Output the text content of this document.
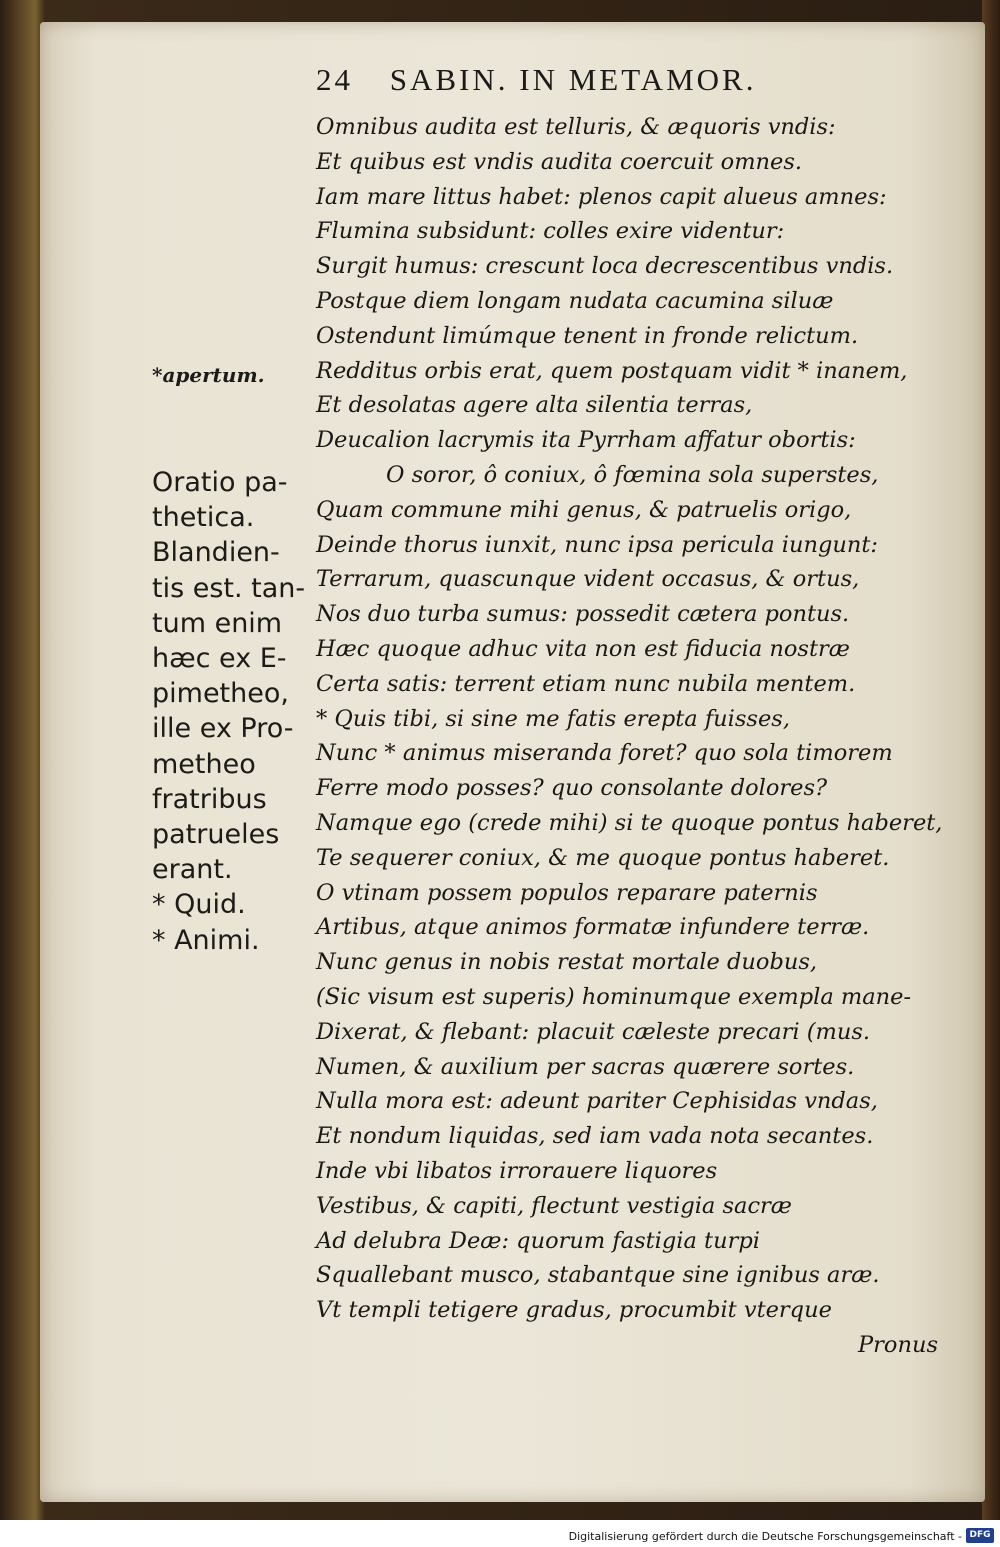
24 SABIN. IN METAMOR.
Omnibus audita est telluris, & æquoris vndis:
Et quibus est vndis audita coercuit omnes.
Iam mare littus habet: plenos capit alueus amnes:
Flumina subsidunt: colles exire videntur:
Surgit humus: crescunt loca decrescentibus vndis.
Postque diem longam nudata cacumina siluæ
Ostendunt limúmque tenent in fronde relictum.
Redditus orbis erat, quem postquam vidit * inanem,
Et desolatas agere alta silentia terras,
Deucalion lacrymis ita Pyrrham affatur obortis:
O soror, ô coniux, ô fœmina sola superstes,
Quam commune mihi genus, & patruelis origo,
Deinde thorus iunxit, nunc ipsa pericula iungunt:
Terrarum, quascunque vident occasus, & ortus,
Nos duo turba sumus: possedit cætera pontus.
Hæc quoque adhuc vita non est fiducia nostræ
Certa satis: terrent etiam nunc nubila mentem.
* Quis tibi, si sine me fatis erepta fuisses,
Nunc * animus miseranda foret? quo sola timorem
Ferre modo posses? quo consolante dolores?
Namque ego (crede mihi) si te quoque pontus haberet,
Te sequerer coniux, & me quoque pontus haberet.
O vtinam possem populos reparare paternis
Artibus, atque animos formatæ infundere terræ.
Nunc genus in nobis restat mortale duobus,
(Sic visum est superis) hominumque exempla mane-
Dixerat, & flebant: placuit cæleste precari (mus.
Numen, & auxilium per sacras quærere sortes.
Nulla mora est: adeunt pariter Cephisidas vndas,
Et nondum liquidas, sed iam vada nota secantes.
Inde vbi libatos irrorauere liquores
Vestibus, & capiti, flectunt vestigia sacræ
Ad delubra Deæ: quorum fastigia turpi
Squallebant musco, stabantque sine ignibus aræ.
Vt templi tetigere gradus, procumbit vterque
Pronus
*apertum.
Oratio pa-
thetica.
Blandien-
tis est. tan-
tum enim
hæc ex E-
pimetheo,
ille ex Pro-
metheo
fratribus
patrueles
erant.
* Quid.
* Animi.
Digitalisierung gefördert durch die Deutsche Forschungsgemeinschaft - DFG
